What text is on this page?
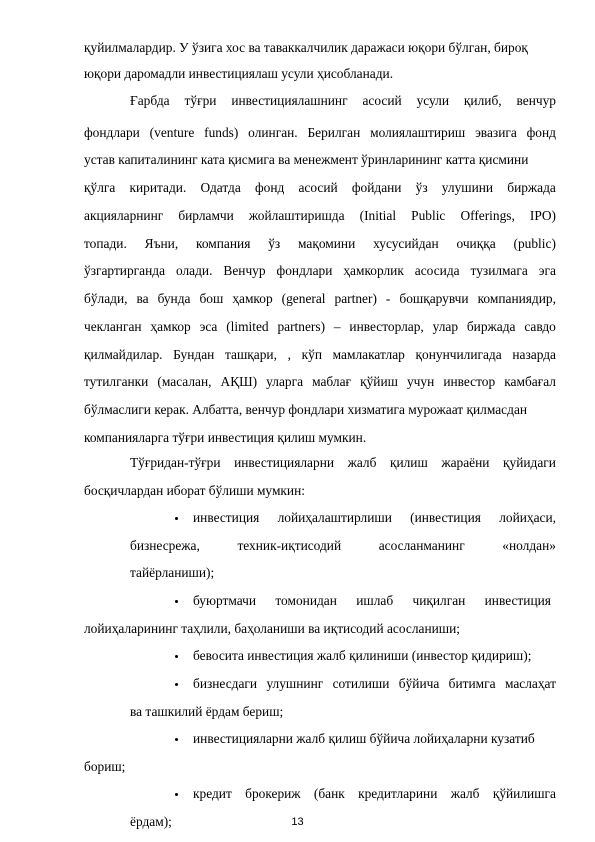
қуйилмалардир. У ўзига хос ва таваккалчилик даражаси юқори бўлган, бироқ
юқори даромадли инвестициялаш усули ҳисобланади.
Ғарбда тўғри инвестициялашнинг асосий усули қилиб, венчур
фондлари (venture funds) олинган. Берилган молиялаштириш эвазига фонд
устав капиталининг ката қисмига ва менежмент ўринларининг катта қисмини
қўлга киритади. Одатда фонд асосий фойдани ўз улушини биржада
акцияларнинг бирламчи жойлаштиришда (Initial Public Offerings, IPO)
топади. Яъни, компания ўз мақомини хусусийдан очиққа (public)
ўзгартирганда олади. Венчур фондлари ҳамкорлик асосида тузилмага эга
бўлади, ва бунда бош ҳамкор (general partner) - бошқарувчи компаниядир,
чекланган ҳамкор эса (limited partners) – инвесторлар, улар биржада савдо
қилмайдилар. Бундан ташқари, , кўп мамлакатлар қонунчилигада назарда
тутилганки (масалан, АҚШ) уларга маблағ қўйиш учун инвестор камбағал
бўлмаслиги керак. Албатта, венчур фондлари хизматига мурожаат қилмасдан
компанияларга тўғри инвестиция қилиш мумкин.
Тўғридан-тўғри инвестицияларни жалб қилиш жараёни қуйидаги
босқичлардан иборат бўлиши мумкин:
инвестиция лойиҳалаштирлиши (инвестиция лойиҳаси,
бизнесрежа,	техник-иқтисодий	асосланманинг	«нолдан»
тайёрланиши);
буюртмачи томонидан ишлаб чиқилган инвестиция
лойиҳаларининг таҳлили, баҳоланиши ва иқтисодий асосланиши;
бевосита инвестиция жалб қилиниши (инвестор қидириш);
бизнесдаги улушнинг сотилиши бўйича битимга маслаҳат
ва ташкилий ёрдам бериш;
инвестицияларни жалб қилиш бўйича лойиҳаларни кузатиб
бориш;
кредит брокериж (банк кредитларини жалб қўйилишга
ёрдам);	13
